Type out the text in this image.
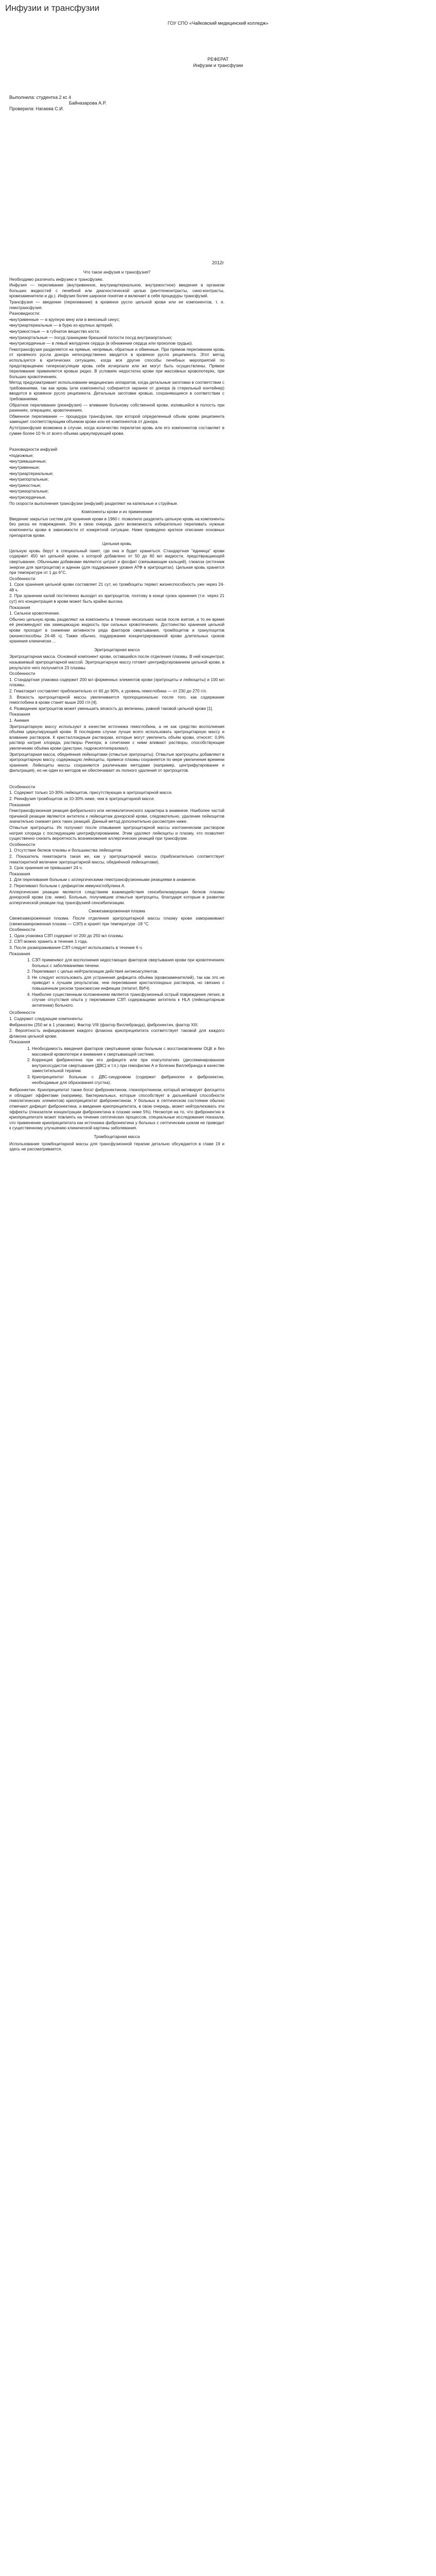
Инфузии и трансфузии
ГОУ СПО «Чайковский медицинский колледж»
РЕФЕРАТ
Инфузии и трансфузии
Выполнила: студентка 2 кс 4
Байназарова А.Р.
Проверила: Нагаева С.И.
2012г

Что такое инфузия и трансфузия?

Необходимо различать инфузию и трансфузию.

Инфузия — переливание (внутривенное, внутриартериальное, внутрикостное) введения в организм больших жидкостей с лечебной или диагностической целью (рентгенконтрасты, сино-контрасты, кровезаменители и др.). Инфузия более широкое понятие и включает в себя процедуры трансфузий.

Трансфузия — введение (переливание) в кровяное русло цельной крови или ее компонентов, т. е. гемотрансфузия.

Разновидности:

•внутривенные — в крупную вену или в венозный синус;

•внутриартериальные — в бурю из крупных артерий;

•внутрикостные — в губчатое вещество кости;

•внутриаортальные — посуд границами брюшной полости посуд внутриаортально;

•внутрисердечные — в левый желудочек сердца (в обнажении сердца или проколом грудью).

Гемотрансфузия разделяется на прямые, непрямые, обратные и обменные. При прямом переливании кровь от кровяного русла донора непосредственно вводится в кровяное русло реципиента. Этот метод используется в критических ситуациях, когда все другие способы лечебных мероприятий по предотвращению гиперкоагуляции кровь себе исчерпали или же могут быть осуществлены. Прямое переливание применяется кровью редко. В условиях недостатка крови при массивных кровопотерях, при больших кровотечениях.

Метод предусматривает использование медицинских аппаратов, когда детальные заготовки в соответствии с требованиями, так как кровь (или компоненты) собирается заранее от донора (в стерильный контейнер) вводится в кровяное русло реципиента. Детальные заготовки кровью, сохраняющиеся в соответствии с требованиями.

Обратное переливание (реинфузия) — вливание больному собственной крови, излившейся в полость при ранениях, операциях, кровотечениях.

Обменное переливание — процедура трансфузии, при которой определенный объем крови реципиента замещает соответствующим объемом крови или её компонентов от донора.

Аутотрансфузия возможна в случае, когда количество перелитая кровь или его компонентов составляет в сумме более 10 % от всего объема циркулирующей крови.

Разновидности инфузий:

•подкожные;

•внутримышечные;

•внутривенные;

•внутриартериальные;

•внутрипортальные;

•внутрикостные;

•внутриаортальные;

•внутрисердечные.

По скорости выполнения трансфузии (инфузий) разделяют на капельные и струйные.

Компоненты крови и их применение

Введение закрытых систем для хранения крови в 1960 г. позволило разделить цельную кровь на компоненты без риска ее повреждения. Это в свою очередь дало возможность избирательно переливать нужные компоненты крови в зависимости от конкретной ситуации. Ниже приведено краткое описание основных препаратов крови.

Цельная кровь

Цельную кровь берут в специальный пакет, где она и будет храниться. Стандартная "единица" крови содержит 450 мл цельной крови, к которой добавлено от 50 до 60 мл жидкости, предотвращающей свертывание. Обычными добавками являются цитрат и фосфат (связывающие кальций), глюкоза (источник энергии для эритроцитов) и аденин (для поддержания уровня АТФ в эритроцитах). Цельная кровь хранится при температуре от 1 до 6°C.

Особенности

1. Срок хранения цельной крови составляет 21 сут, но тромбоциты теряют жизнеспособность уже через 24-48 ч.

2. При хранении калий постепенно выходит из эритроцитов, поэтому в конце срока хранения (т.е. через 21 сут) его концентрация в крови может быть крайне высока.

Показания

1. Сильное кровотечение.

Обычно цельную кровь разделяют на компоненты в течение нескольких часов после взятия, а то ее время её рекомендуют как замещающую жидкость при сильных кровотечениях. Достоинство хранения цельной крови проходит в снижении активности ряда факторов свертывания, тромбоцитов и гранулоцитов (жизнеспособны 24-48 ч). Также обычно, поддержание концентрированной крови длительных сроков хранения клинически ...

Эритроцитарная масса

Эритроцитарная масса. Основной компонент крови, оставшийся после отделения плазмы. В ней концентрат, называемый эритроцитарной массой. Эритроцитарную массу готовят центрифугированием цельной крови, в результате чего получается 23 плазмы.

Особенности

1. Стандартная упаковка содержит 200 мл форменных элементов крови (эритроциты и лейкоциты) и 100 мл плазмы.

2. Гематокрит составляет приблизительно от 60 до 90%, а уровень гемоглобина — от 230 до 270 г/л.

3. Вязкость эритроцитарной массы увеличивается пропорционально после того, как содержание гемоглобина в крови станет выше 200 г/л [4].

4. Разведение эритроцитов может уменьшить вязкость до величины, равной таковой цельной крови [1].

Показания

1. Анемия

Эритроцитарную массу используют в качестве источника гемоглобина, а не как средство восполнения объёма циркулирующей крови. В последнем случае лучше всего использовать эритроцитарную массу и вливание растворов. К кристаллоидным растворам, которые могут увеличить объём крови, относят: 0,9% раствор натрия хлорида, растворы Рингера; в сочетании с ними вливают растворы, способствующие увеличению объёма крови (декстран, гидроксиэтилкрахмал).

Эритроцитарная масса, обеднённая лейкоцитами (отмытые эритроциты). Отмытые эритроциты добавляют в эритроцитарную массу, содержащую лейкоциты, примеси плазмы сохраняется по мере увеличения времени хранения. Лейкоциты массы сохраняются различными методами (например, центрифугирование и фильтрация), но ни один из методов не обеспечивает их полного удаления от эритроцитов.

Особенности

1. Содержит только 10-30% лейкоцитов, присутствующих в эритроцитарной массе.

2. Реинфузия тромбоцитов за 10-30% ниже, чем в эритроцитарной массе.

Показания

Гемотрансфузионная реакция фебрильного или негемолитического характера в анамнезе. Наиболее частой причиной реакции являются антитела к лейкоцитам донорской крови, следовательно, удаление лейкоцитов значительно снижает риск таких реакций. Данный метод дополнительно рассмотрен ниже.

Отмытые эритроциты. Их получают после отмывания эритроцитарной массы изотоническим раствором натрия хлорида с последующим центрифугированием. Этим удаляют лейкоциты и плазму, что позволяет существенно снизить вероятность возникновения аллергических реакций при трансфузии.

Особенности

1. Отсутствие белков плазмы и большинства лейкоцитов

2. Показатель гематокрита такая же, как у эритроцитарной массы (приблизительно соответствует гематокритной величине эритроцитарной массы, обеднённой лейкоцитами).

3. Срок хранения не превышает 24 ч.

Показания

1. Для переливания больным с аллергическими гемотрансфузионными реакциями в анамнезе.

2. Переливают больным с дефицитом иммуноглобулина A.

Аллергические реакции являются следствием взаимодействия сенсибилизирующих белков плазмы донорской крови (см. ниже). Больные, получившие отмытые эритроциты, благодаря которым в развитии аллергической реакции под трансфузией сенсибилизации.

Свежезамороженная плазма

Свежезамороженная плазма. После отделения эритроцитарной массы плазму крови замораживают (свежезамороженная плазма — СЗП) и хранят при температуре -18 °C.

Особенности

1. Одна упаковка СЗП содержит от 200 до 250 мл плазмы.

2. СЗП можно хранить в течение 1 года.

3. После размораживания СЗП следует использовать в течение 6 ч.

Показания

1. СЗП применяют для восполнения недостающих факторов свертывания крови при кровотечениях больных с заболеваниями печени.
2. Переливают с целью нейтрализации действия антикоагулянтов.
3. Не следует использовать для устранения дефицита объёма (кровезаменителей), так как это не приводит к лучшим результатам, чем переливание кристаллоидных растворов, но связано с повышенным риском трансмиссии инфекции (гепатит, ВИЧ).
4. Наиболее существенным осложнением является трансфузионный острый повреждения легких; в случае отсутствия опыта у переливания СЗП содержащими антитела к HLA (лейкоцитарным антигенам) больного.

Особенности

1. Содержит следующие компоненты:

Фибриноген (250 мг в 1 упаковке). Фактор VIII (фактор Виллебранда), фибронектин, фактор XIII.

2. Вероятность инфицирования каждого флакона криопреципитата соответствует таковой для каждого флакона цельной крови.

Показания

1. Необходимость введения факторов свертывания крови больным с восстановлением ОЦК и без массивной кровопотери и внимание к свертывающей системе.
2. Коррекция фибриногена при его дефиците или при коагулопатиях (диссеминированное внутрисосудистое свертывание (ДВС) и т.п.) при гемофилии А и болезни Виллебранда в качестве заместительной терапии.
3. Криопреципитат больным с ДВС-синдромом (содержит фибриноген и фибронектин, необходимые для образования сгустка).

Фибронектин. Криопреципитат также богат фибронектином, глюкопротеином, который активирует фагоцитоз и обладает эффектами (например, бактериальных, которые способствует в дальнейшей способности гемолитических элементов) криопреципитат фибронектином. У больных в септическом состоянии обычно отмечают дефицит фибронектина, а введение криопреципитата, в свою очередь, может нейтрализовать эти эффекты (показатели концентрации фибронектина в плазме ниже 5%). Несмотря на то, что фибронектин в криопреципитате может повлиять на течение септических процессов, специальные исследования показали, что применение криопреципитата как источника фибронектина у больных с септическим шоком не приводит к существенному улучшению клинической картины заболевания.

Тромбоцитарная масса

Использование тромбоцитарной массы для трансфузионной терапии детально обсуждается в главе 19 и здесь не рассматривается.
